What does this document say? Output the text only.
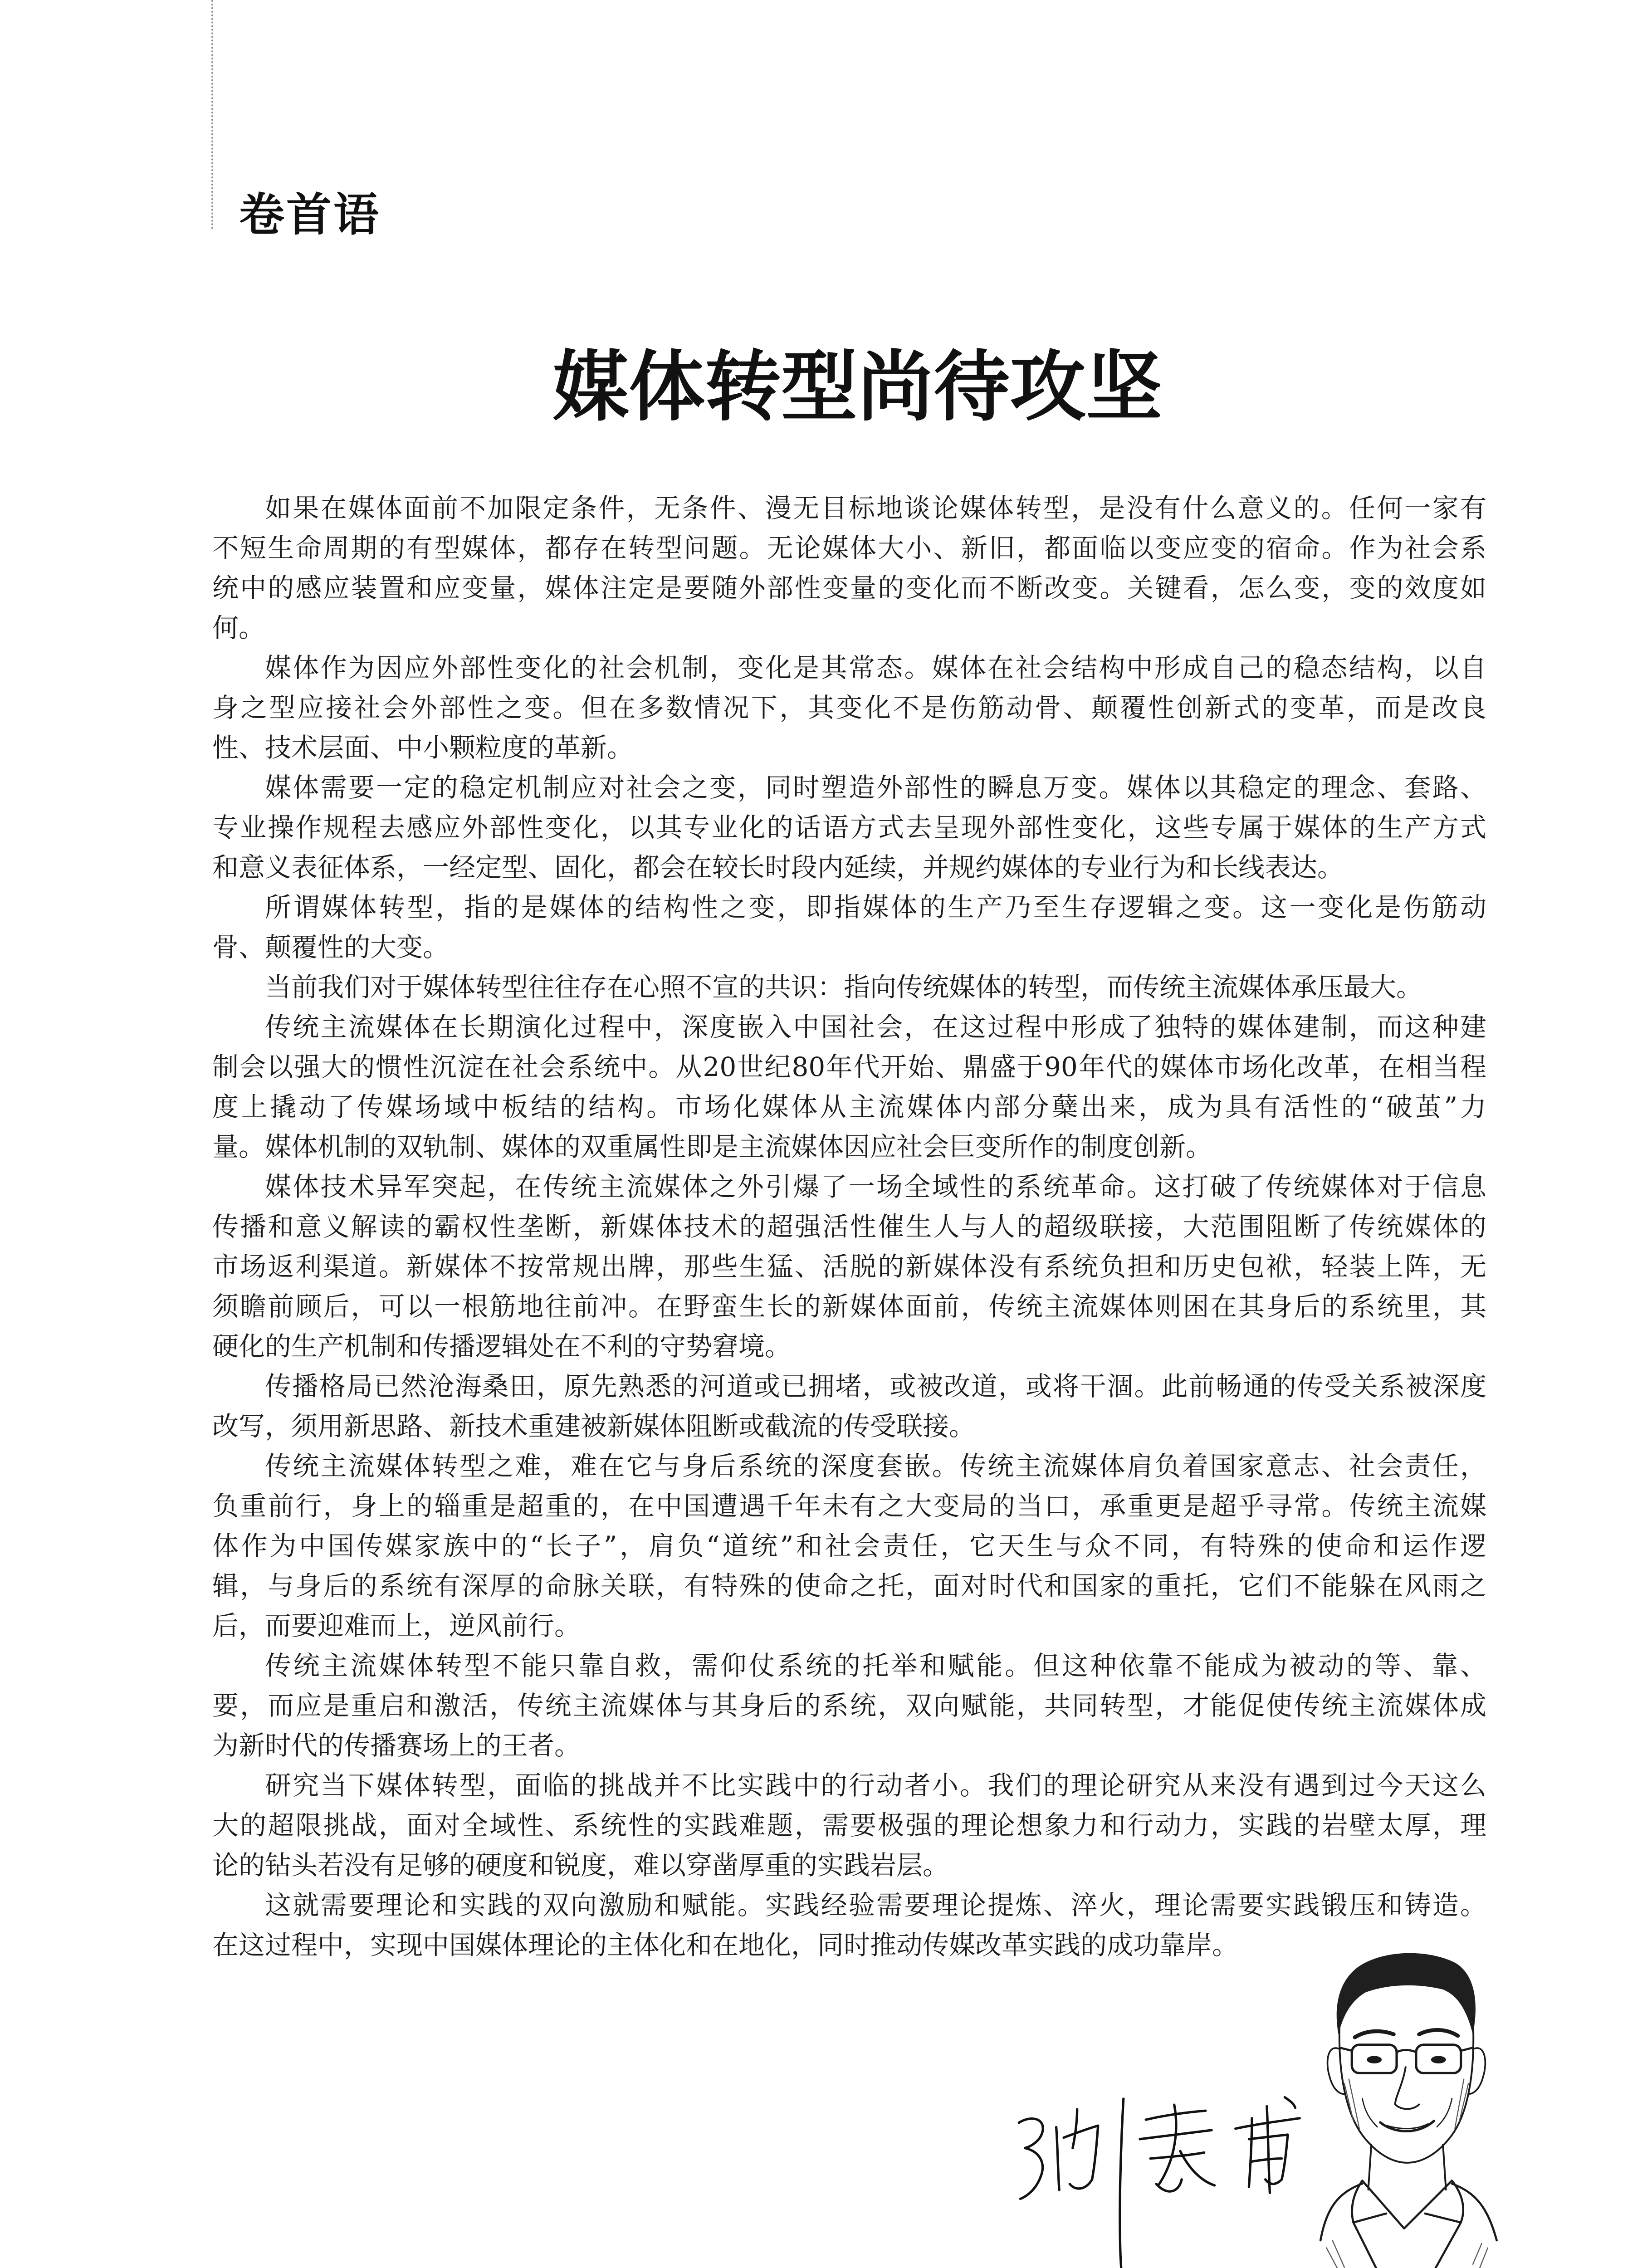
卷首语
媒体转型尚待攻坚
如果在媒体面前不加限定条件，无条件、漫无目标地谈论媒体转型，是没有什么意义的。任何一家有
不短生命周期的有型媒体，都存在转型问题。无论媒体大小、新旧，都面临以变应变的宿命。作为社会系
统中的感应装置和应变量，媒体注定是要随外部性变量的变化而不断改变。关键看，怎么变，变的效度如
何。
媒体作为因应外部性变化的社会机制，变化是其常态。媒体在社会结构中形成自己的稳态结构，以自
身之型应接社会外部性之变。但在多数情况下，其变化不是伤筋动骨、颠覆性创新式的变革，而是改良
性、技术层面、中小颗粒度的革新。
媒体需要一定的稳定机制应对社会之变，同时塑造外部性的瞬息万变。媒体以其稳定的理念、套路、
专业操作规程去感应外部性变化，以其专业化的话语方式去呈现外部性变化，这些专属于媒体的生产方式
和意义表征体系，一经定型、固化，都会在较长时段内延续，并规约媒体的专业行为和长线表达。
所谓媒体转型，指的是媒体的结构性之变，即指媒体的生产乃至生存逻辑之变。这一变化是伤筋动
骨、颠覆性的大变。
当前我们对于媒体转型往往存在心照不宣的共识：指向传统媒体的转型，而传统主流媒体承压最大。
传统主流媒体在长期演化过程中，深度嵌入中国社会，在这过程中形成了独特的媒体建制，而这种建
制会以强大的惯性沉淀在社会系统中。从20世纪80年代开始、鼎盛于90年代的媒体市场化改革，在相当程
度上撬动了传媒场域中板结的结构。市场化媒体从主流媒体内部分蘖出来，成为具有活性的“破茧”力
量。媒体机制的双轨制、媒体的双重属性即是主流媒体因应社会巨变所作的制度创新。
媒体技术异军突起，在传统主流媒体之外引爆了一场全域性的系统革命。这打破了传统媒体对于信息
传播和意义解读的霸权性垄断，新媒体技术的超强活性催生人与人的超级联接，大范围阻断了传统媒体的
市场返利渠道。新媒体不按常规出牌，那些生猛、活脱的新媒体没有系统负担和历史包袱，轻装上阵，无
须瞻前顾后，可以一根筋地往前冲。在野蛮生长的新媒体面前，传统主流媒体则困在其身后的系统里，其
硬化的生产机制和传播逻辑处在不利的守势窘境。
传播格局已然沧海桑田，原先熟悉的河道或已拥堵，或被改道，或将干涸。此前畅通的传受关系被深度
改写，须用新思路、新技术重建被新媒体阻断或截流的传受联接。
传统主流媒体转型之难，难在它与身后系统的深度套嵌。传统主流媒体肩负着国家意志、社会责任，
负重前行，身上的辎重是超重的，在中国遭遇千年未有之大变局的当口，承重更是超乎寻常。传统主流媒
体作为中国传媒家族中的“长子”，肩负“道统”和社会责任，它天生与众不同，有特殊的使命和运作逻
辑，与身后的系统有深厚的命脉关联，有特殊的使命之托，面对时代和国家的重托，它们不能躲在风雨之
后，而要迎难而上，逆风前行。
传统主流媒体转型不能只靠自救，需仰仗系统的托举和赋能。但这种依靠不能成为被动的等、靠、
要，而应是重启和激活，传统主流媒体与其身后的系统，双向赋能，共同转型，才能促使传统主流媒体成
为新时代的传播赛场上的王者。
研究当下媒体转型，面临的挑战并不比实践中的行动者小。我们的理论研究从来没有遇到过今天这么
大的超限挑战，面对全域性、系统性的实践难题，需要极强的理论想象力和行动力，实践的岩壁太厚，理
论的钻头若没有足够的硬度和锐度，难以穿凿厚重的实践岩层。
这就需要理论和实践的双向激励和赋能。实践经验需要理论提炼、淬火，理论需要实践锻压和铸造。
在这过程中，实现中国媒体理论的主体化和在地化，同时推动传媒改革实践的成功靠岸。
